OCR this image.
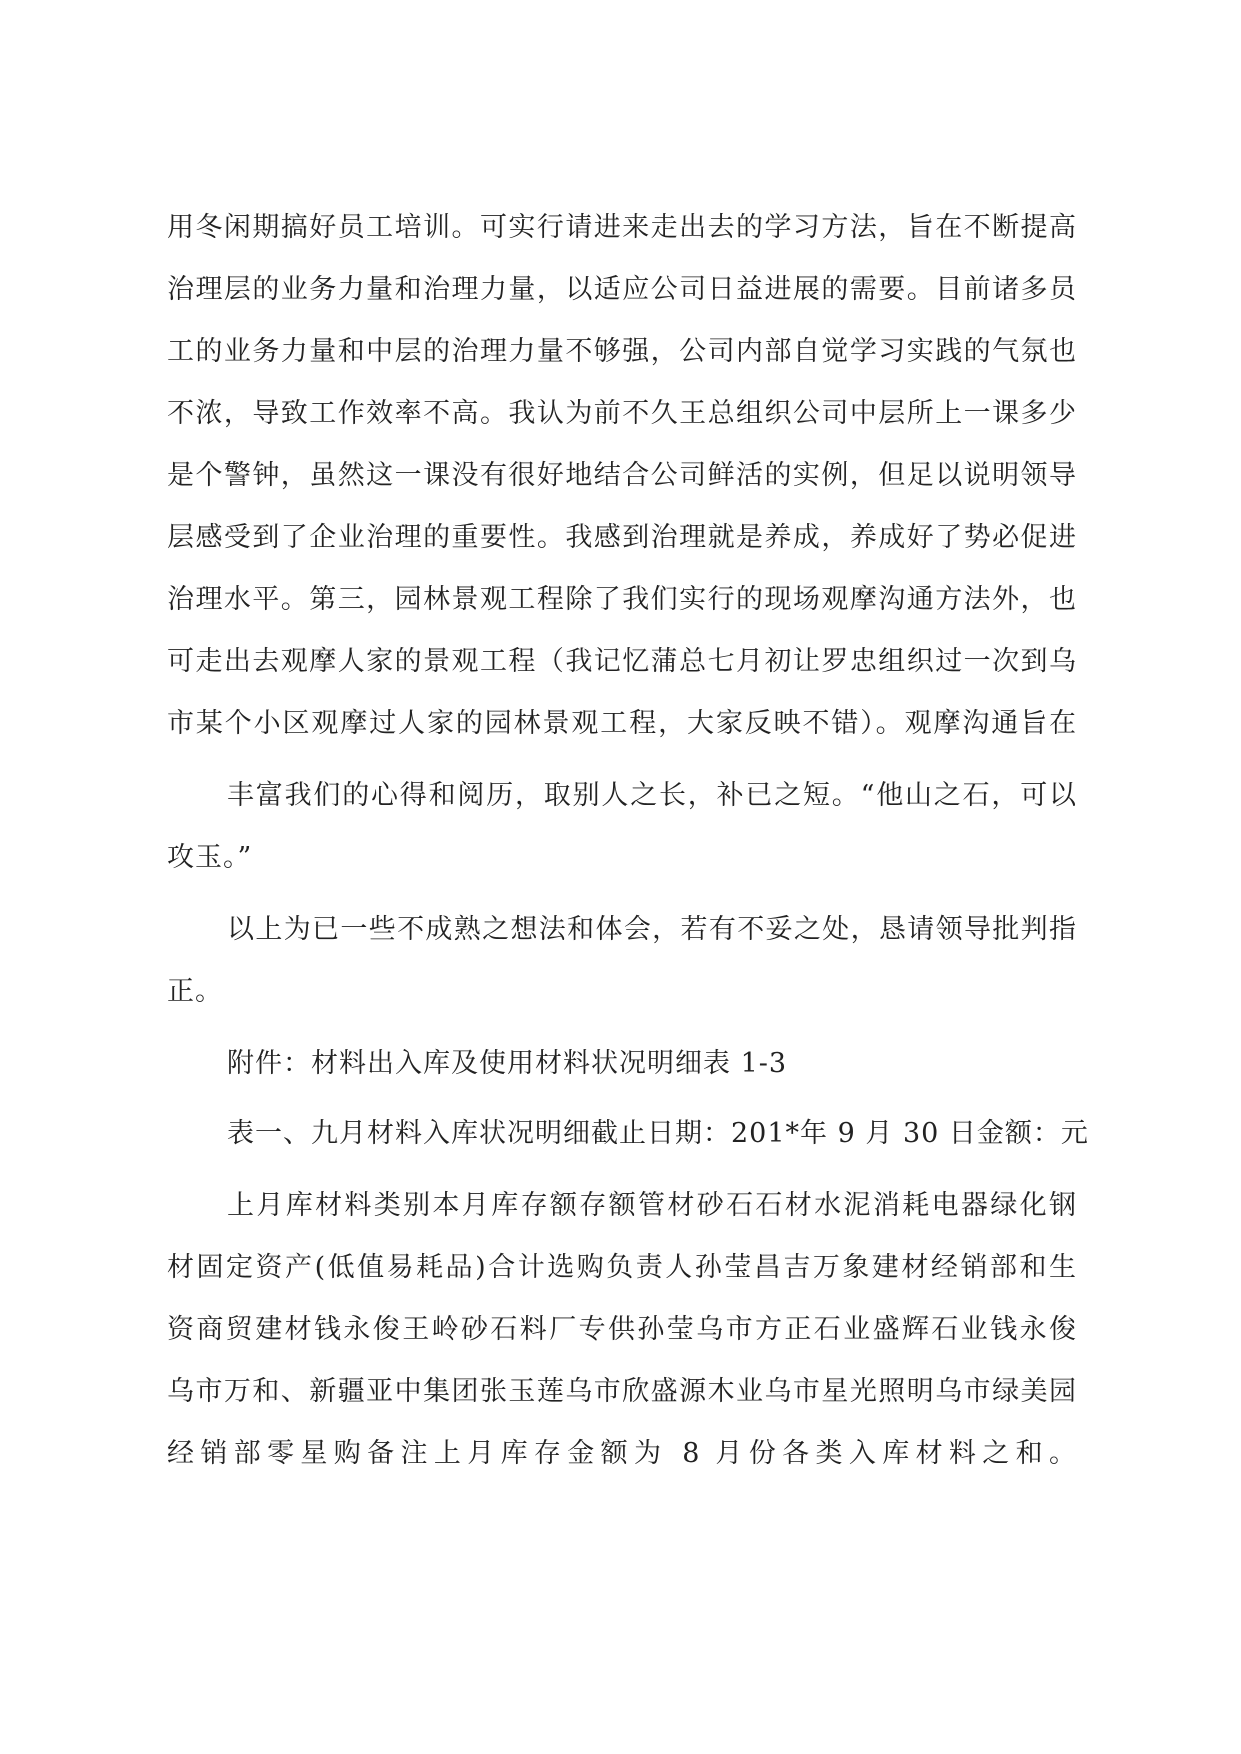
用冬闲期搞好员工培训。可实行请进来走出去的学习方法，旨在不断提高
治理层的业务力量和治理力量，以适应公司日益进展的需要。目前诸多员
工的业务力量和中层的治理力量不够强，公司内部自觉学习实践的气氛也
不浓，导致工作效率不高。我认为前不久王总组织公司中层所上一课多少
是个警钟，虽然这一课没有很好地结合公司鲜活的实例，但足以说明领导
层感受到了企业治理的重要性。我感到治理就是养成，养成好了势必促进
治理水平。第三，园林景观工程除了我们实行的现场观摩沟通方法外，也
可走出去观摩人家的景观工程（我记忆蒲总七月初让罗忠组织过一次到乌
市某个小区观摩过人家的园林景观工程，大家反映不错）。观摩沟通旨在
丰富我们的心得和阅历，取别人之长，补已之短。“他山之石，可以
攻玉。”
以上为已一些不成熟之想法和体会，若有不妥之处，恳请领导批判指
正。
附件：材料出入库及使用材料状况明细表 1-3
表一、九月材料入库状况明细截止日期：201*年 9 月 30 日金额：元
上月库材料类别本月库存额存额管材砂石石材水泥消耗电器绿化钢
材固定资产(低值易耗品)合计选购负责人孙莹昌吉万象建材经销部和生
资商贸建材钱永俊王岭砂石料厂专供孙莹乌市方正石业盛辉石业钱永俊
乌市万和、新疆亚中集团张玉莲乌市欣盛源木业乌市星光照明乌市绿美园
经销部零星购备注上月库存金额为 8 月份各类入库材料之和。
